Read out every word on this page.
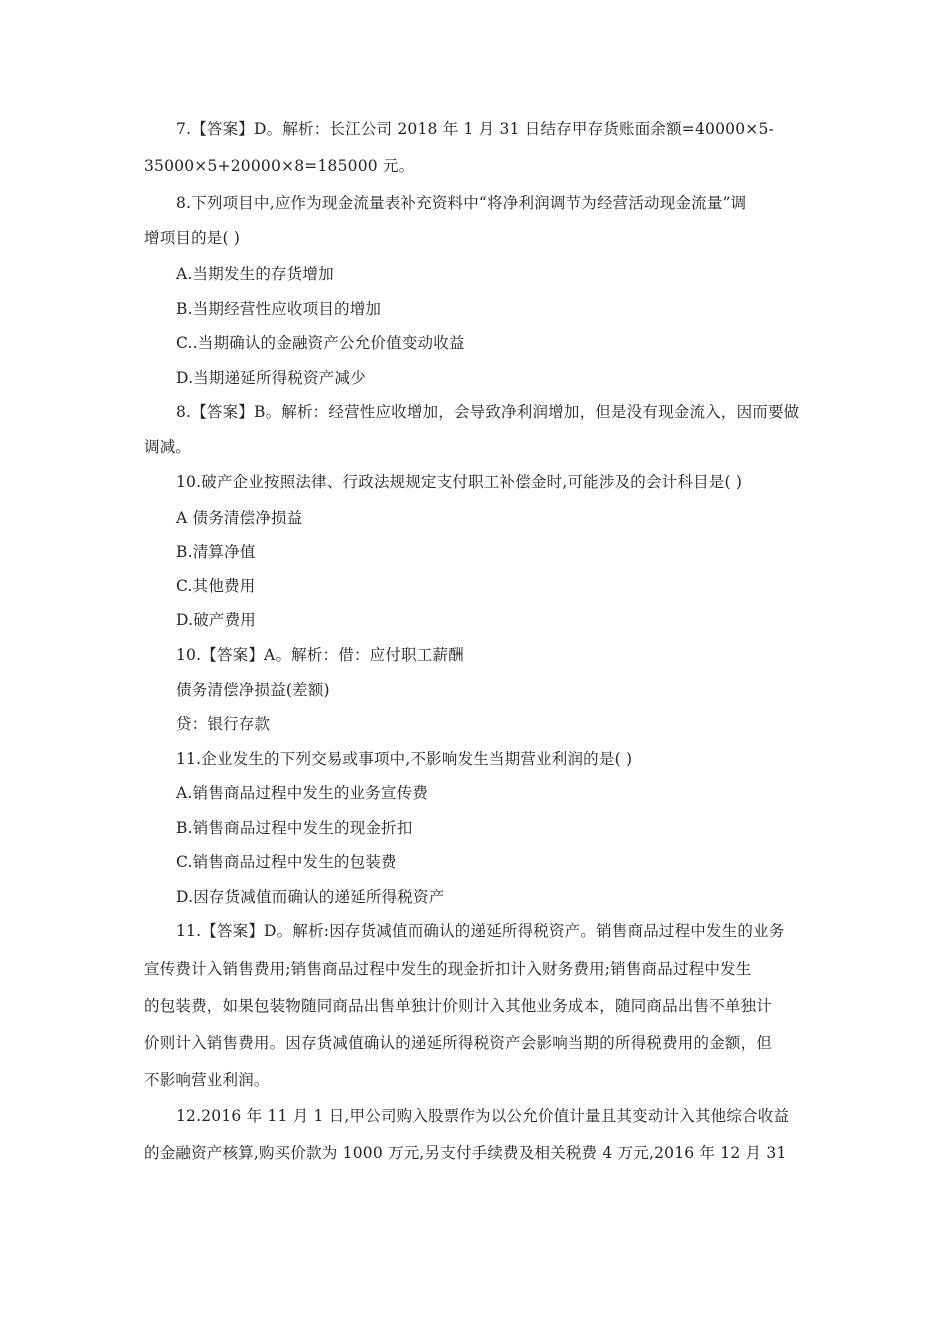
7.【答案】D。解析：长江公司 2018 年 1 月 31 日结存甲存货账面余额=40000×5-
35000×5+20000×8=185000 元。
8.下列项目中,应作为现金流量表补充资料中“将净利润调节为经营活动现金流量”调
增项目的是( )
A.当期发生的存货增加
B.当期经营性应收项目的增加
C..当期确认的金融资产公允价值变动收益
D.当期递延所得税资产减少
8.【答案】B。解析：经营性应收增加，会导致净利润增加，但是没有现金流入，因而要做
调减。
10.破产企业按照法律、行政法规规定支付职工补偿金时,可能涉及的会计科目是( )
A 债务清偿净损益
B.清算净值
C.其他费用
D.破产费用
10.【答案】A。解析：借：应付职工薪酬
债务清偿净损益(差额)
贷：银行存款
11.企业发生的下列交易或事项中,不影响发生当期营业利润的是( )
A.销售商品过程中发生的业务宣传费
B.销售商品过程中发生的现金折扣
C.销售商品过程中发生的包装费
D.因存货减值而确认的递延所得税资产
11.【答案】D。解析:因存货减值而确认的递延所得税资产。销售商品过程中发生的业务
宣传费计入销售费用;销售商品过程中发生的现金折扣计入财务费用;销售商品过程中发生
的包装费，如果包装物随同商品出售单独计价则计入其他业务成本，随同商品出售不单独计
价则计入销售费用。因存货减值确认的递延所得税资产会影响当期的所得税费用的金额，但
不影响营业利润。
12.2016 年 11 月 1 日,甲公司购入股票作为以公允价值计量且其变动计入其他综合收益
的金融资产核算,购买价款为 1000 万元,另支付手续费及相关税费 4 万元,2016 年 12 月 31
